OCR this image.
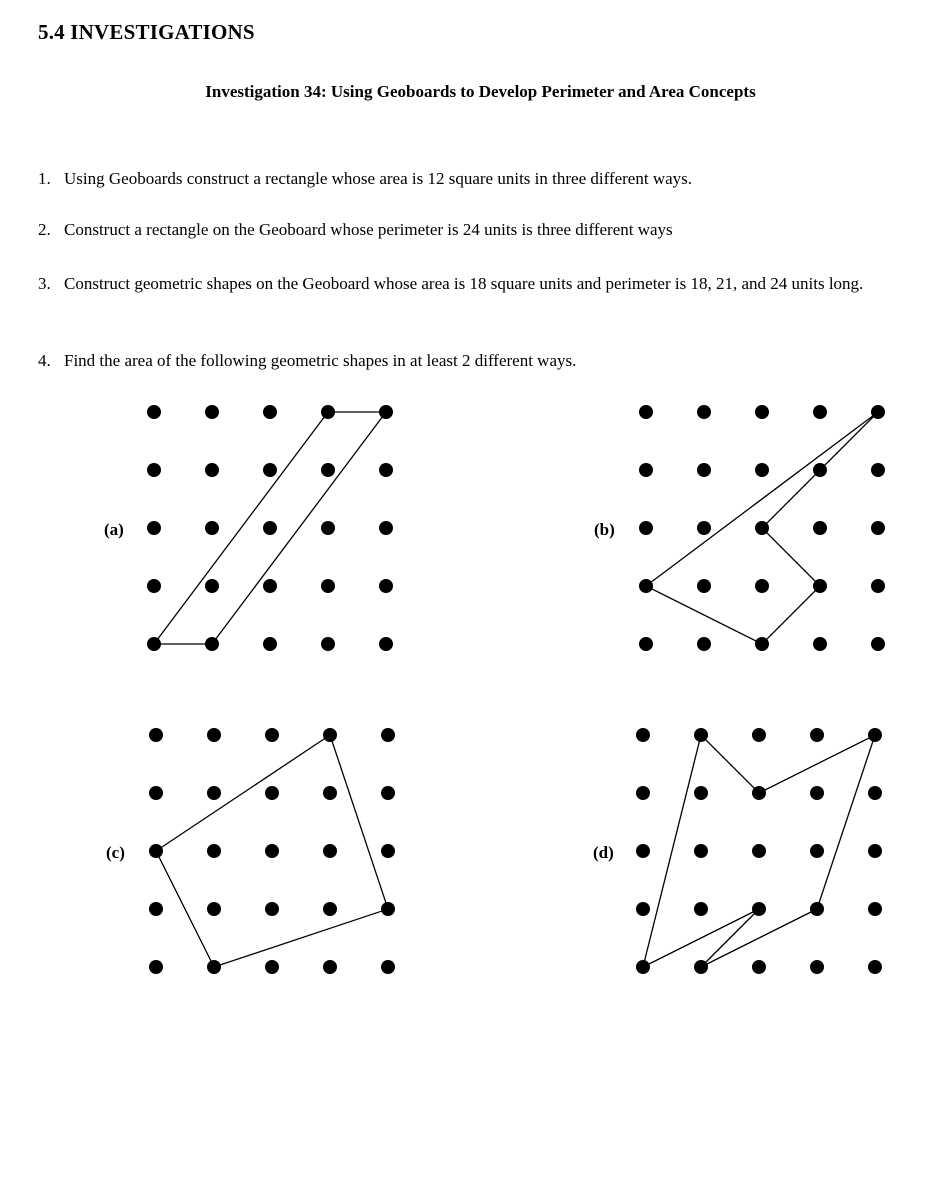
5.4 INVESTIGATIONS
Investigation 34: Using Geoboards to Develop Perimeter and Area Concepts
1. Using Geoboards construct a rectangle whose area is 12 square units in three different ways.
2. Construct a rectangle on the Geoboard whose perimeter is 24 units is three different ways
3. Construct geometric shapes on the Geoboard whose area is 18 square units and perimeter is 18, 21, and 24 units long.
4. Find the area of the following geometric shapes in at least 2 different ways.
(a)	(b)
(c)	(d)
